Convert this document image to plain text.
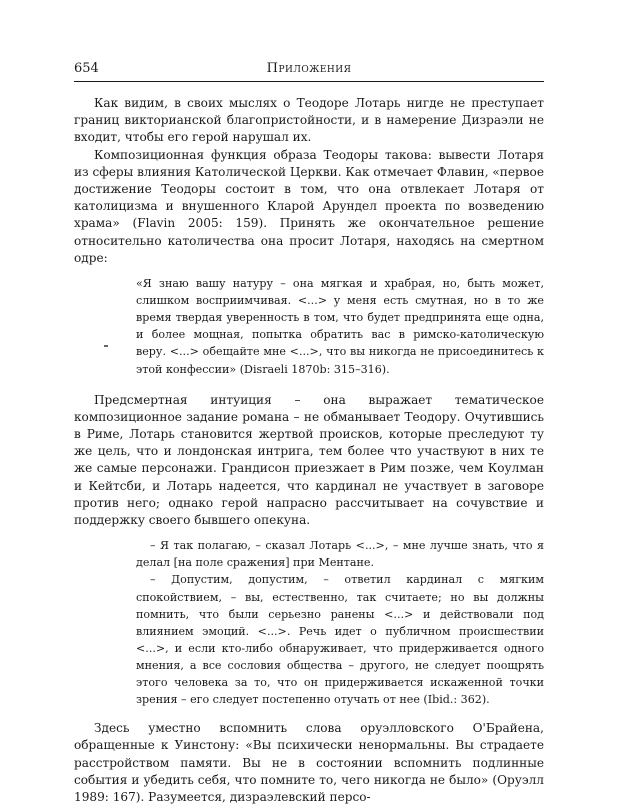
654	Приложения

Как видим, в своих мыслях о Теодоре Лотарь нигде не преступает границ викторианской благопристойности, и в намерение Дизраэли не входит, чтобы его герой нарушал их.

Композиционная функция образа Теодоры такова: вывести Лотаря из сферы влияния Католической Церкви. Как отмечает Флавин, «первое достижение Теодоры состоит в том, что она отвлекает Лотаря от католицизма и внушенного Кларой Арундел проекта по возведению храма» (Flavin 2005: 159). Принять же окончательное решение относительно католичества она просит Лотаря, находясь на смертном одре:

«Я знаю вашу натуру – она мягкая и храбрая, но, быть может, слишком восприимчивая. <...> у меня есть смутная, но в то же время твердая уверенность в том, что будет предпринята еще одна, и более мощная, попытка обратить вас в римско-католическую веру. <...> обещайте мне <...>, что вы никогда не присоединитесь к этой конфессии» (Disraeli 1870b: 315–316).

Предсмертная интуиция – она выражает тематическое композиционное задание романа – не обманывает Теодору. Очутившись в Риме, Лотарь становится жертвой происков, которые преследуют ту же цель, что и лондонская интрига, тем более что участвуют в них те же самые персонажи. Грандисон приезжает в Рим позже, чем Коулман и Кейтсби, и Лотарь надеется, что кардинал не участвует в заговоре против него; однако герой напрасно рассчитывает на сочувствие и поддержку своего бывшего опекуна.

– Я так полагаю, – сказал Лотарь <...>, – мне лучше знать, что я делал [на поле сражения] при Ментане.

– Допустим, допустим, – ответил кардинал с мягким спокойствием, – вы, естественно, так считаете; но вы должны помнить, что были серьезно ранены <...> и действовали под влиянием эмоций. <...>. Речь идет о публичном происшествии <...>, и если кто-либо обнаруживает, что придерживается одного мнения, а все сословия общества – другого, не следует поощрять этого человека за то, что он придерживается искаженной точки зрения – его следует постепенно отучать от нее (Ibid.: 362).

Здесь уместно вспомнить слова оруэлловского О'Брайена, обращенные к Уинстону: «Вы психически ненормальны. Вы страдаете расстройством памяти. Вы не в состоянии вспомнить подлинные события и убедить себя, что помните то, чего никогда не было» (Оруэлл 1989: 167). Разумеется, дизраэлевский персо-
